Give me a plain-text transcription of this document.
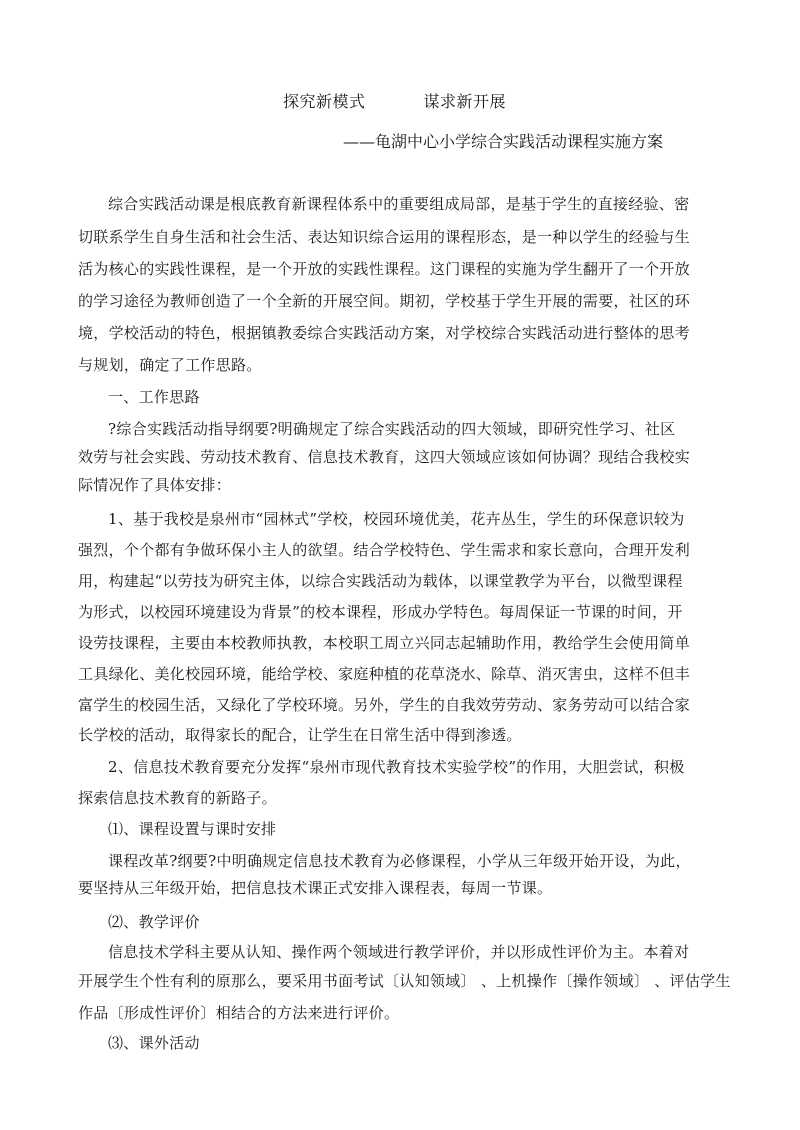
探究新模式	谋求新开展
——龟湖中心小学综合实践活动课程实施方案
综合实践活动课是根底教育新课程体系中的重要组成局部，是基于学生的直接经验、密
切联系学生自身生活和社会生活、表达知识综合运用的课程形态，是一种以学生的经验与生
活为核心的实践性课程，是一个开放的实践性课程。这门课程的实施为学生翻开了一个开放
的学习途径为教师创造了一个全新的开展空间。期初，学校基于学生开展的需要，社区的环
境，学校活动的特色，根据镇教委综合实践活动方案，对学校综合实践活动进行整体的思考
与规划，确定了工作思路。
一、工作思路
?综合实践活动指导纲要?明确规定了综合实践活动的四大领域，即研究性学习、社区
效劳与社会实践、劳动技术教育、信息技术教育，这四大领域应该如何协调？现结合我校实
际情况作了具体安排：
1、基于我校是泉州市“园林式”学校，校园环境优美，花卉丛生，学生的环保意识较为
强烈，个个都有争做环保小主人的欲望。结合学校特色、学生需求和家长意向，合理开发利
用，构建起“以劳技为研究主体，以综合实践活动为载体，以课堂教学为平台，以微型课程
为形式，以校园环境建设为背景”的校本课程，形成办学特色。每周保证一节课的时间，开
设劳技课程，主要由本校教师执教，本校职工周立兴同志起辅助作用，教给学生会使用简单
工具绿化、美化校园环境，能给学校、家庭种植的花草浇水、除草、消灭害虫，这样不但丰
富学生的校园生活，又绿化了学校环境。另外，学生的自我效劳劳动、家务劳动可以结合家
长学校的活动，取得家长的配合，让学生在日常生活中得到渗透。
2、信息技术教育要充分发挥“泉州市现代教育技术实验学校”的作用，大胆尝试，积极
探索信息技术教育的新路子。
⑴、课程设置与课时安排
课程改革?纲要?中明确规定信息技术教育为必修课程，小学从三年级开始开设，为此，
要坚持从三年级开始，把信息技术课正式安排入课程表，每周一节课。
⑵、教学评价
信息技术学科主要从认知、操作两个领域进行教学评价，并以形成性评价为主。本着对
开展学生个性有利的原那么，要采用书面考试〔认知领域〕 、上机操作〔操作领域〕 、评估学生
作品〔形成性评价〕相结合的方法来进行评价。
⑶、课外活动
